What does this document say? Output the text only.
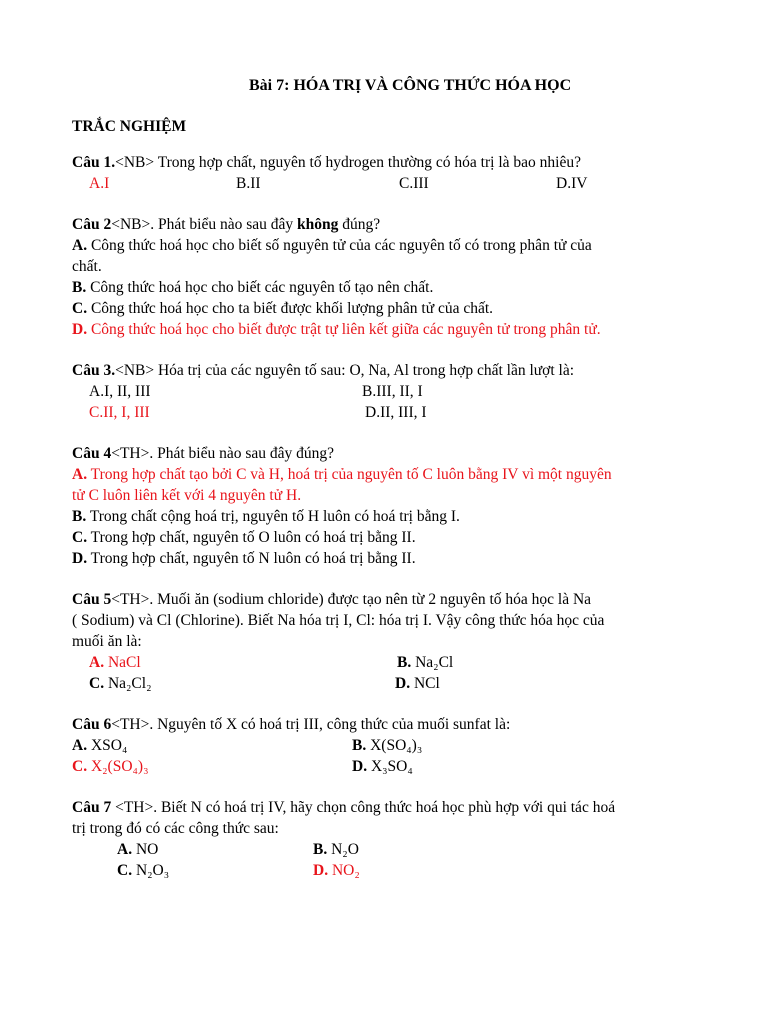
Bài 7: HÓA TRỊ VÀ CÔNG THỨC HÓA HỌC
TRẮC NGHIỆM
Câu 1.<NB> Trong hợp chất, nguyên tố hydrogen thường có hóa trị là bao nhiêu?
A.I	B.II	C.III	D.IV
Câu 2<NB>. Phát biểu nào sau đây không đúng?
A. Công thức hoá học cho biết số nguyên tử của các nguyên tố có trong phân tử của
chất.
B. Công thức hoá học cho biết các nguyên tố tạo nên chất.
C. Công thức hoá học cho ta biết được khối lượng phân tử của chất.
D. Công thức hoá học cho biết được trật tự liên kết giữa các nguyên tử trong phân tử.
Câu 3.<NB> Hóa trị của các nguyên tố sau: O, Na, Al trong hợp chất lần lượt là:
A.I, II, III	B.III, II, I
C.II, I, III	D.II, III, I
Câu 4<TH>. Phát biểu nào sau đây đúng?
A. Trong hợp chất tạo bởi C và H, hoá trị của nguyên tố C luôn bằng IV vì một nguyên
tử C luôn liên kết với 4 nguyên tử H.
B. Trong chất cộng hoá trị, nguyên tố H luôn có hoá trị bằng I.
C. Trong hợp chất, nguyên tố O luôn có hoá trị bằng II.
D. Trong hợp chất, nguyên tố N luôn có hoá trị bằng II.
Câu 5<TH>. Muối ăn (sodium chloride) được tạo nên từ 2 nguyên tố hóa học là Na
( Sodium) và Cl (Chlorine). Biết Na hóa trị I, Cl: hóa trị I. Vậy công thức hóa học của
muối ăn là:
A. NaCl	B. Na₂Cl
C. Na₂Cl₂	D. NCl
Câu 6<TH>. Nguyên tố X có hoá trị III, công thức của muối sunfat là:
A. XSO₄	B. X(SO₄)₃
C. X₂(SO₄)₃	D. X₃SO₄
Câu 7 <TH>. Biết N có hoá trị IV, hãy chọn công thức hoá học phù hợp với qui tác hoá
trị trong đó có các công thức sau:
A. NO	B. N₂O
C. N₂O₃	D. NO₂
